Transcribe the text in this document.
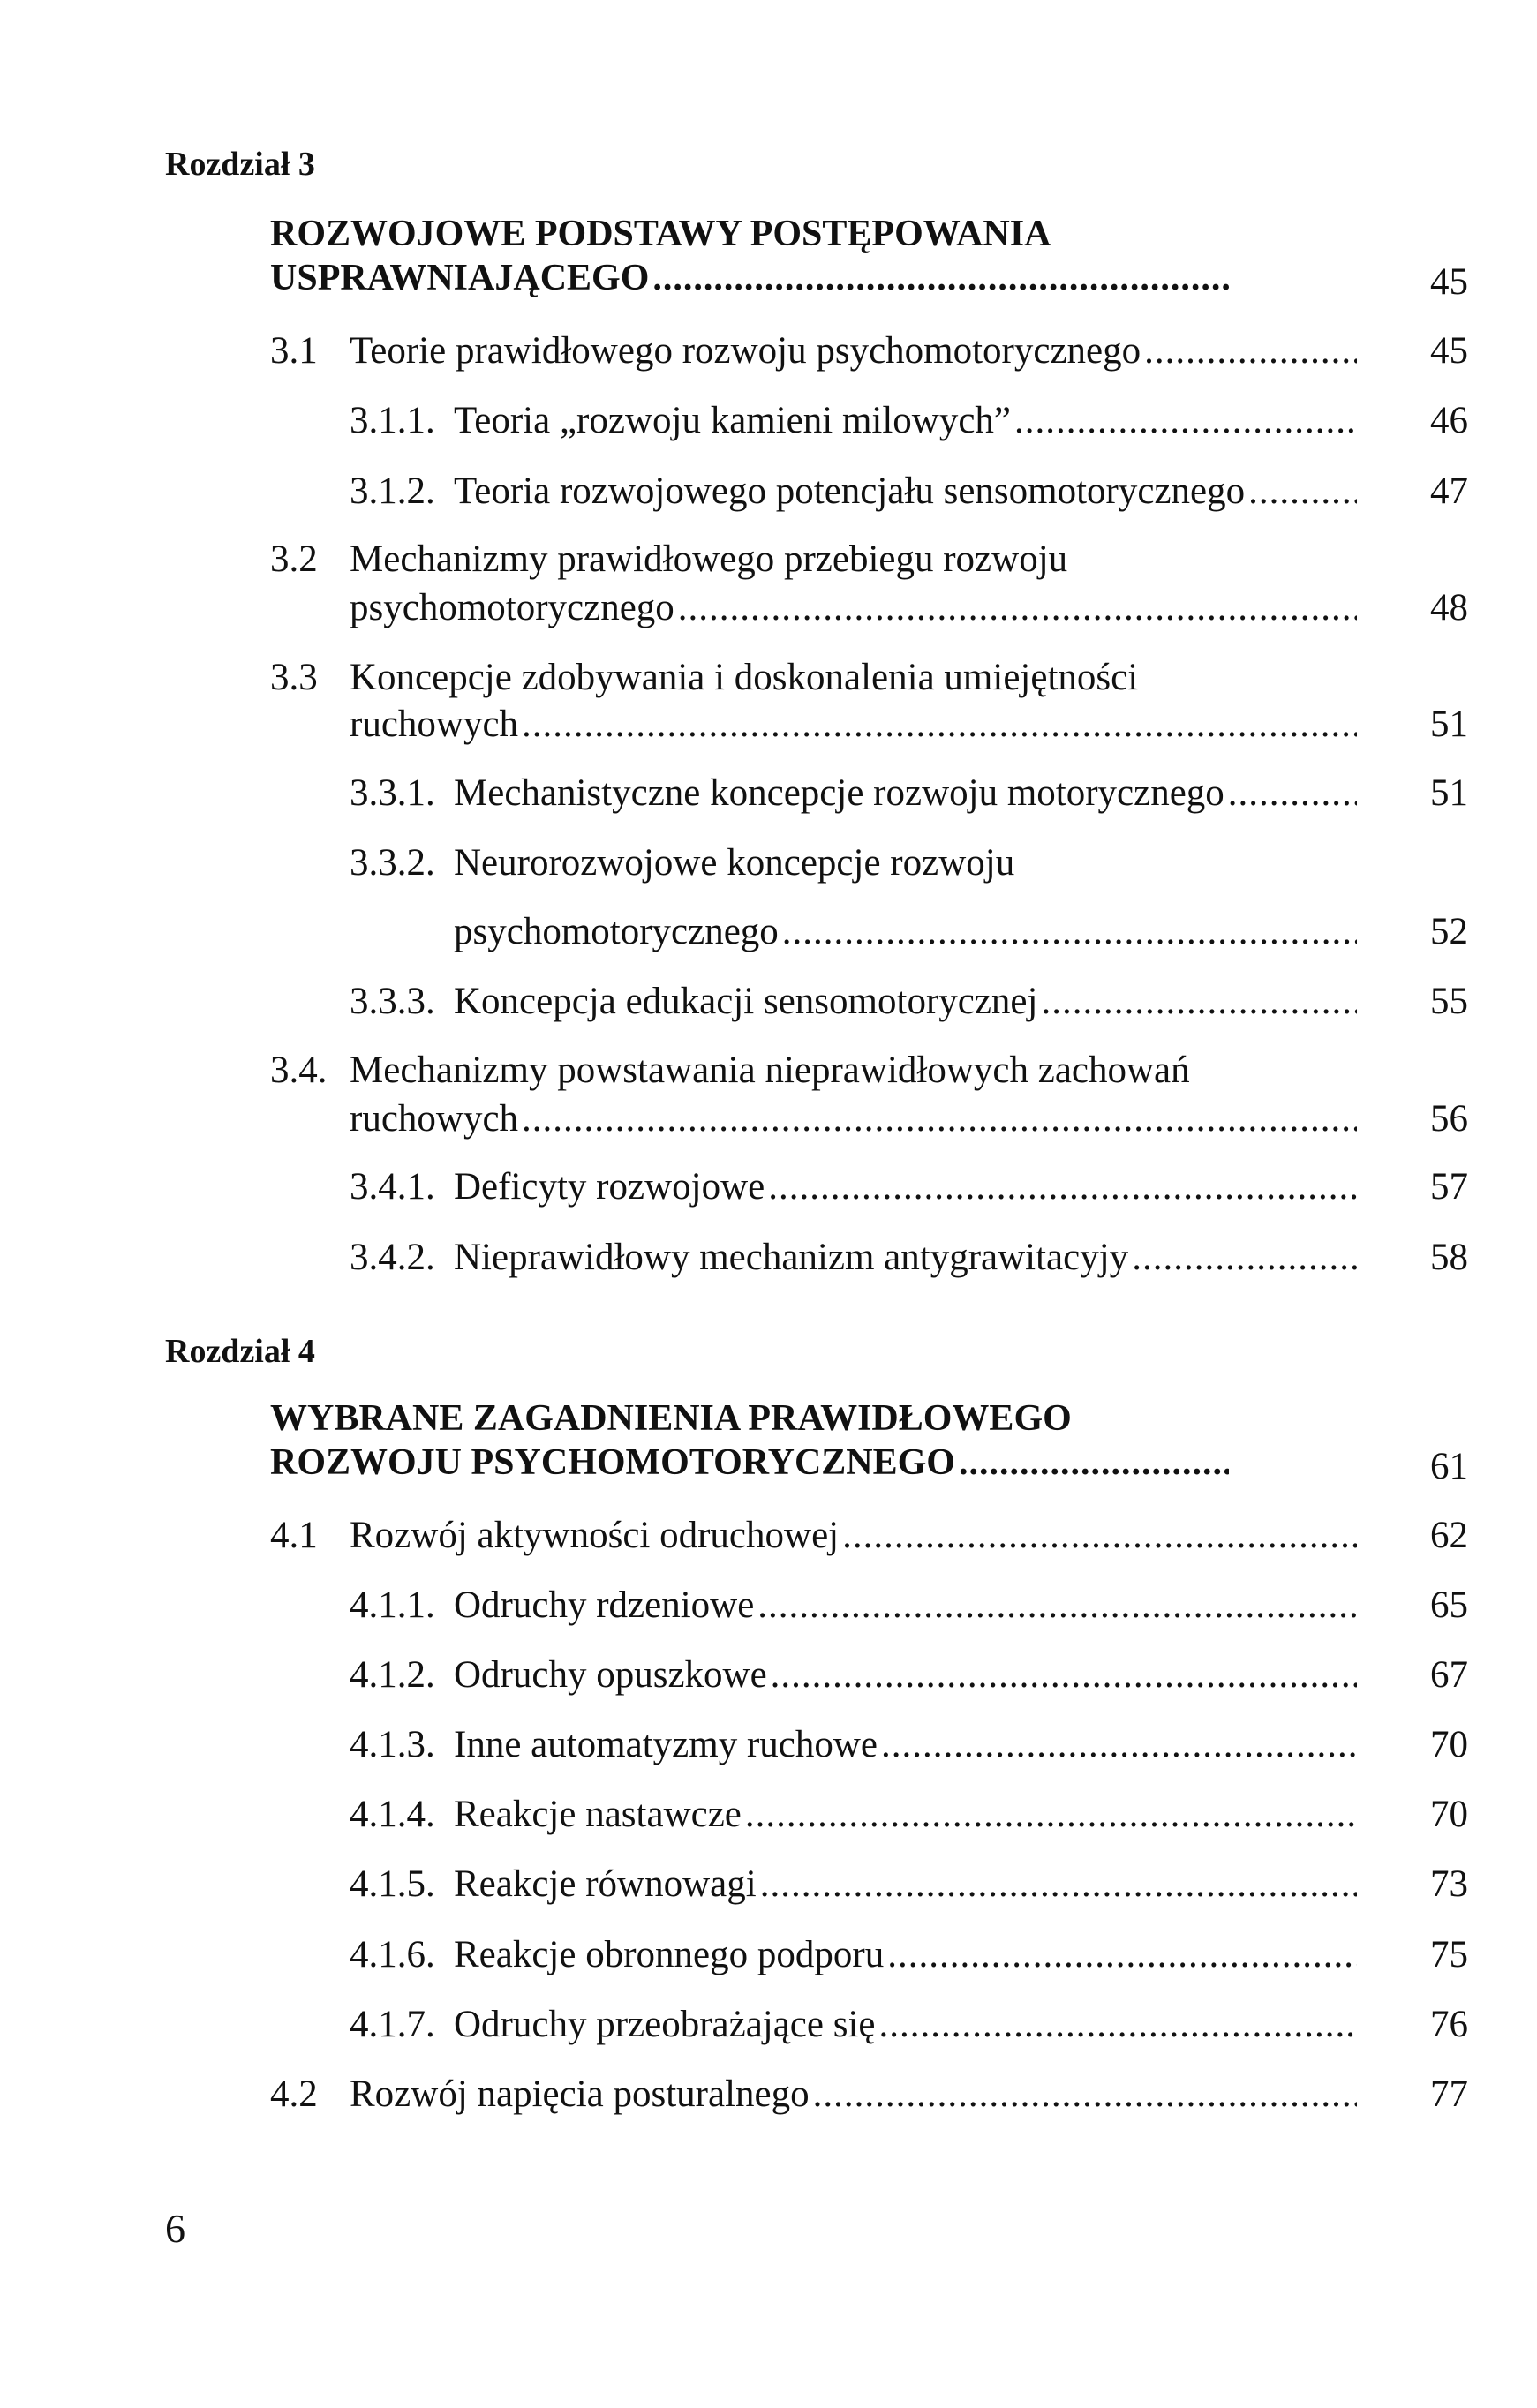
Rozdział 3
ROZWOJOWE PODSTAWY POSTĘPOWANIA
USPRAWNIAJĄCEGO .....	45
3.1 Teorie prawidłowego rozwoju psychomotorycznego .....	45
3.1.1. Teoria „rozwoju kamieni milowych” .....	46
3.1.2. Teoria rozwojowego potencjału sensomotorycznego .....	47
3.2 Mechanizmy prawidłowego przebiegu rozwoju
psychomotorycznego .....	48
3.3 Koncepcje zdobywania i doskonalenia umiejętności
ruchowych .....	51
3.3.1. Mechanistyczne koncepcje rozwoju motorycznego .....	51
3.3.2. Neurorozwojowe koncepcje rozwoju
psychomotorycznego .....	52
3.3.3. Koncepcja edukacji sensomotorycznej .....	55
3.4. Mechanizmy powstawania nieprawidłowych zachowań
ruchowych .....	56
3.4.1. Deficyty rozwojowe .....	57
3.4.2. Nieprawidłowy mechanizm antygrawitacyjy .....	58
Rozdział 4
WYBRANE ZAGADNIENIA PRAWIDŁOWEGO
ROZWOJU PSYCHOMOTORYCZNEGO .....	61
4.1 Rozwój aktywności odruchowej .....	62
4.1.1. Odruchy rdzeniowe .....	65
4.1.2. Odruchy opuszkowe .....	67
4.1.3. Inne automatyzmy ruchowe .....	70
4.1.4. Reakcje nastawcze .....	70
4.1.5. Reakcje równowagi .....	73
4.1.6. Reakcje obronnego podporu .....	75
4.1.7. Odruchy przeobrażające się .....	76
4.2 Rozwój napięcia posturalnego .....	77
6
